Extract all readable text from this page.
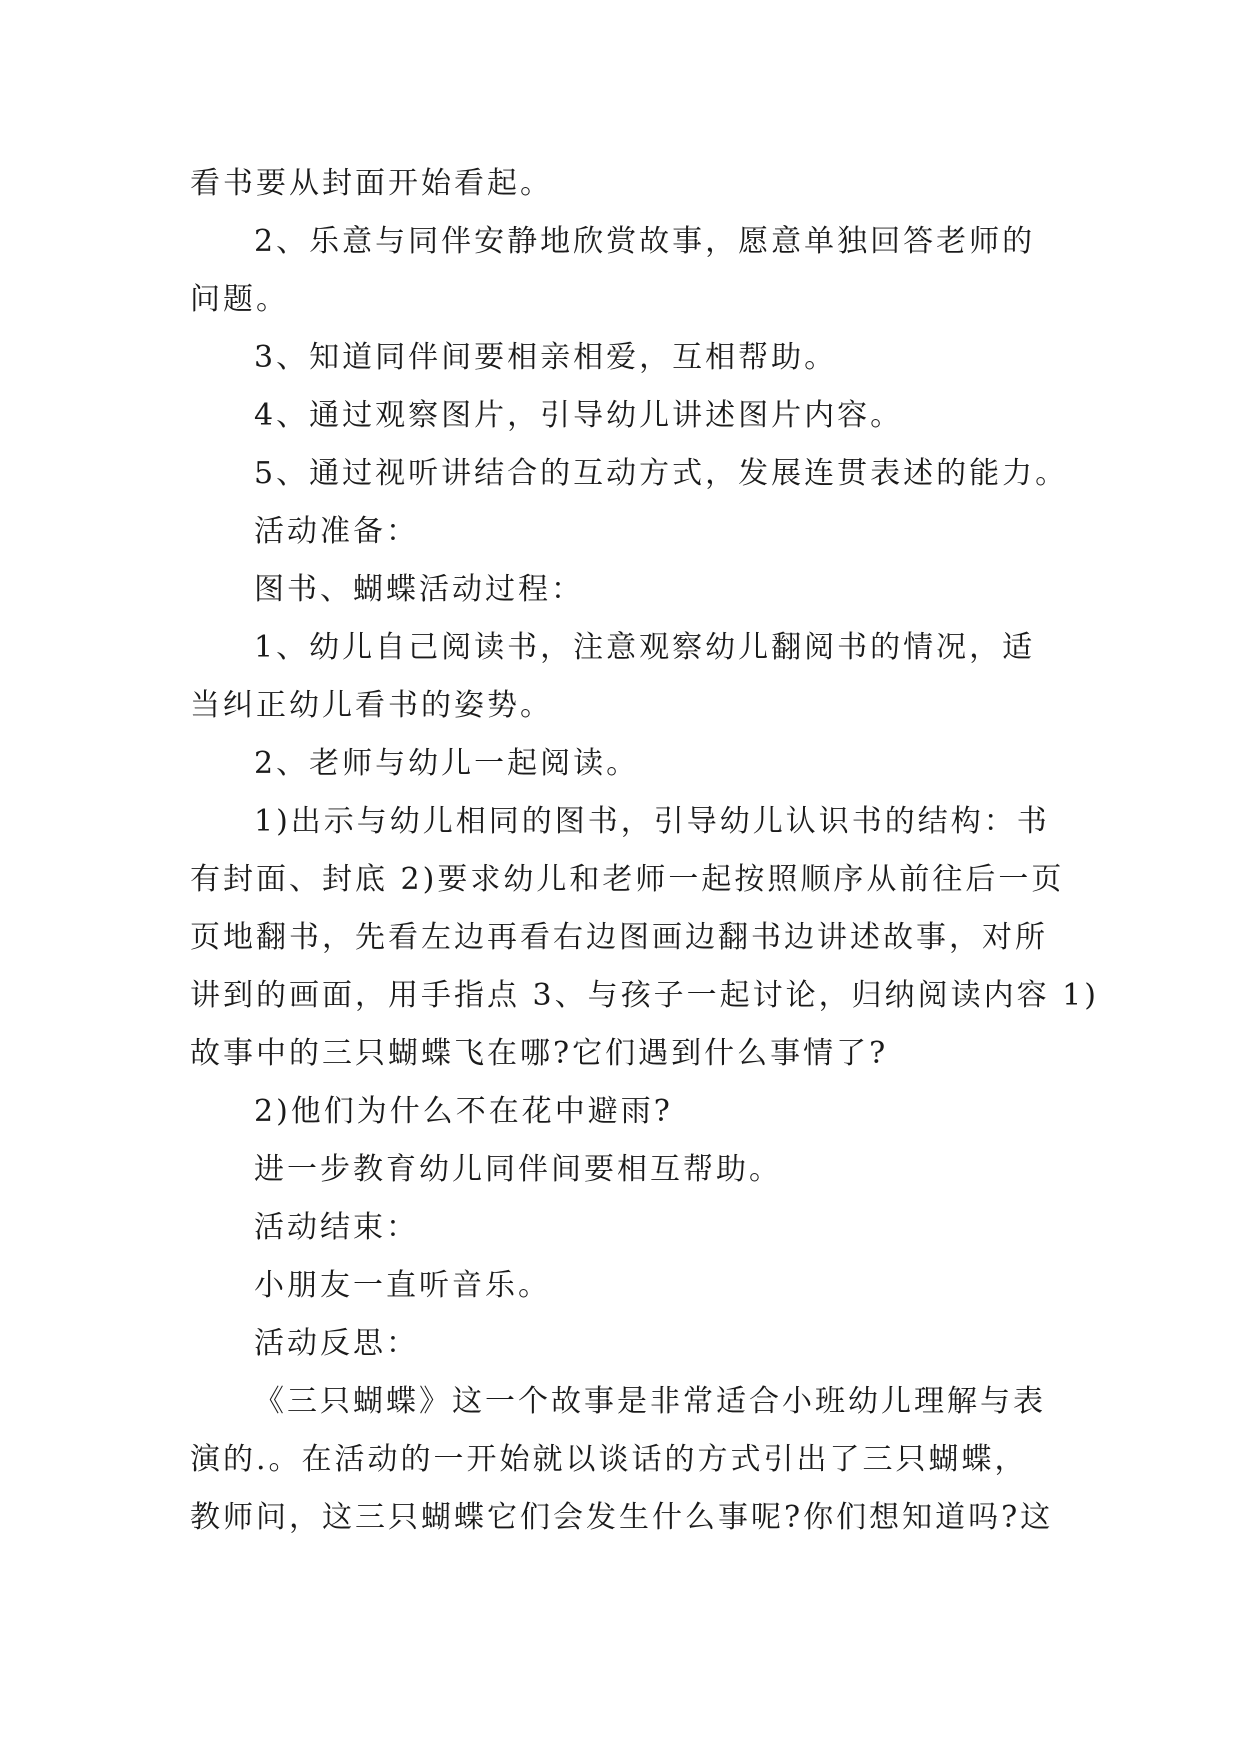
看书要从封面开始看起。
2、乐意与同伴安静地欣赏故事，愿意单独回答老师的
问题。
3、知道同伴间要相亲相爱，互相帮助。
4、通过观察图片，引导幼儿讲述图片内容。
5、通过视听讲结合的互动方式，发展连贯表述的能力。
活动准备：
图书、蝴蝶活动过程：
1、幼儿自己阅读书，注意观察幼儿翻阅书的情况，适
当纠正幼儿看书的姿势。
2、老师与幼儿一起阅读。
1)出示与幼儿相同的图书，引导幼儿认识书的结构：书
有封面、封底 2)要求幼儿和老师一起按照顺序从前往后一页
页地翻书，先看左边再看右边图画边翻书边讲述故事，对所
讲到的画面，用手指点 3、与孩子一起讨论，归纳阅读内容 1)
故事中的三只蝴蝶飞在哪?它们遇到什么事情了?
2)他们为什么不在花中避雨?
进一步教育幼儿同伴间要相互帮助。
活动结束：
小朋友一直听音乐。
活动反思：
《三只蝴蝶》这一个故事是非常适合小班幼儿理解与表
演的.。在活动的一开始就以谈话的方式引出了三只蝴蝶，
教师问，这三只蝴蝶它们会发生什么事呢?你们想知道吗?这
